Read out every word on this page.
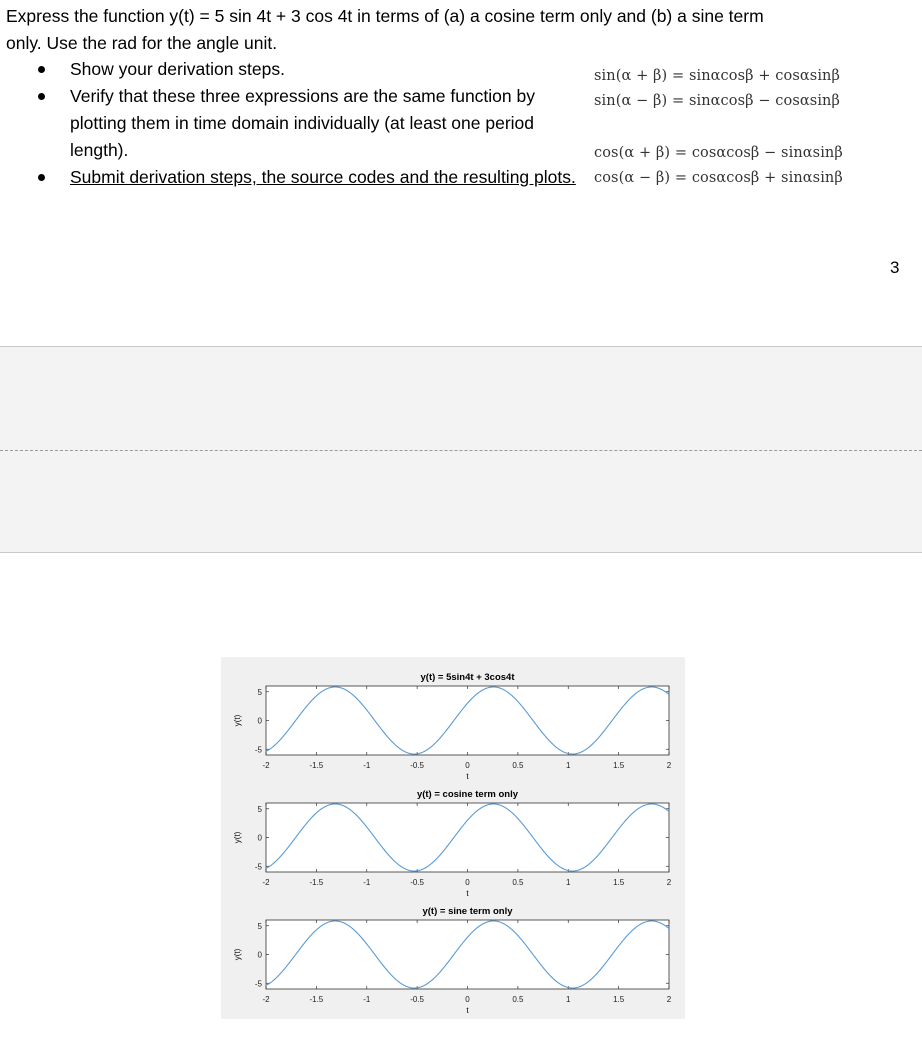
Express the function y(t) = 5 sin 4t + 3 cos 4t in terms of (a) a cosine term only and (b) a sine term
only. Use the rad for the angle unit.
Show your derivation steps.
Verify that these three expressions are the same function by plotting them in time domain individually (at least one period length).
Submit derivation steps, the source codes and the resulting plots.
sin(α + β) = sinαcosβ + cosαsinβ
sin(α − β) = sinαcosβ − cosαsinβ
cos(α + β) = cosαcosβ − sinαsinβ
cos(α − β) = cosαcosβ + sinαsinβ
3
y(t) = 5sin4t + 3cos4t
-2	-1.5	-1	-0.5	0	0.5	1	1.5	2
5
0
-5
t
y(t)
y(t) = cosine term only
-2	-1.5	-1	-0.5	0	0.5	1	1.5	2
5
0
-5
t
y(t)
y(t) = sine term only
-2	-1.5	-1	-0.5	0	0.5	1	1.5	2
5
0
-5
t
y(t)
